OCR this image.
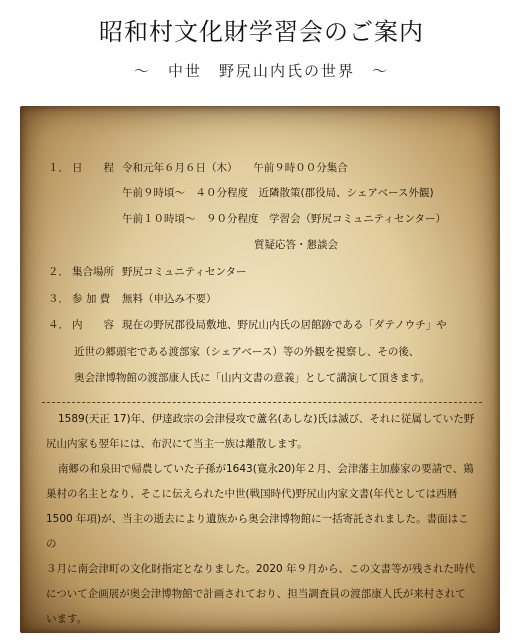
昭和村文化財学習会のご案内
～　中世　野尻山内氏の世界　～
１． 日　　程 令和元年６月６日（木）　　午前９時００分集合
午前９時頃～　４０分程度　近隣散策(郡役局、シェアベース外観)
午前１０時頃～　９０分程度　学習会（野尻コミュニティセンター）
質疑応答・懇談会
２． 集合場所 野尻コミュニティセンター
３． 参 加 費 無料（申込み不要）
４． 内　　容 現在の野尻郡役局敷地、野尻山内氏の居館跡である「ダテノウチ」や
近世の郷頭宅である渡部家（シェアベース）等の外観を視察し、その後、
奥会津博物館の渡部康人氏に「山内文書の意義」として講演して頂きます。

1589(天正 17)年、伊達政宗の会津侵攻で蘆名(あしな)氏は滅び、それに従属していた野

尻山内家も翌年には、布沢にて当主一族は離散します。

南郷の和泉田で帰農していた子孫が1643(寛永20)年２月、会津藩主加藤家の要請で、鶏

巣村の名主となり、そこに伝えられた中世(戦国時代)野尻山内家文書(年代としては西暦

1500 年項)が、当主の逝去により遺族から奥会津博物館に一括寄託されました。書面はこの

３月に南会津町の文化財指定となりました。2020 年９月から、この文書等が残された時代

について企画展が奥会津博物館で計画されており、担当調査員の渡部康人氏が来村されて

います。
